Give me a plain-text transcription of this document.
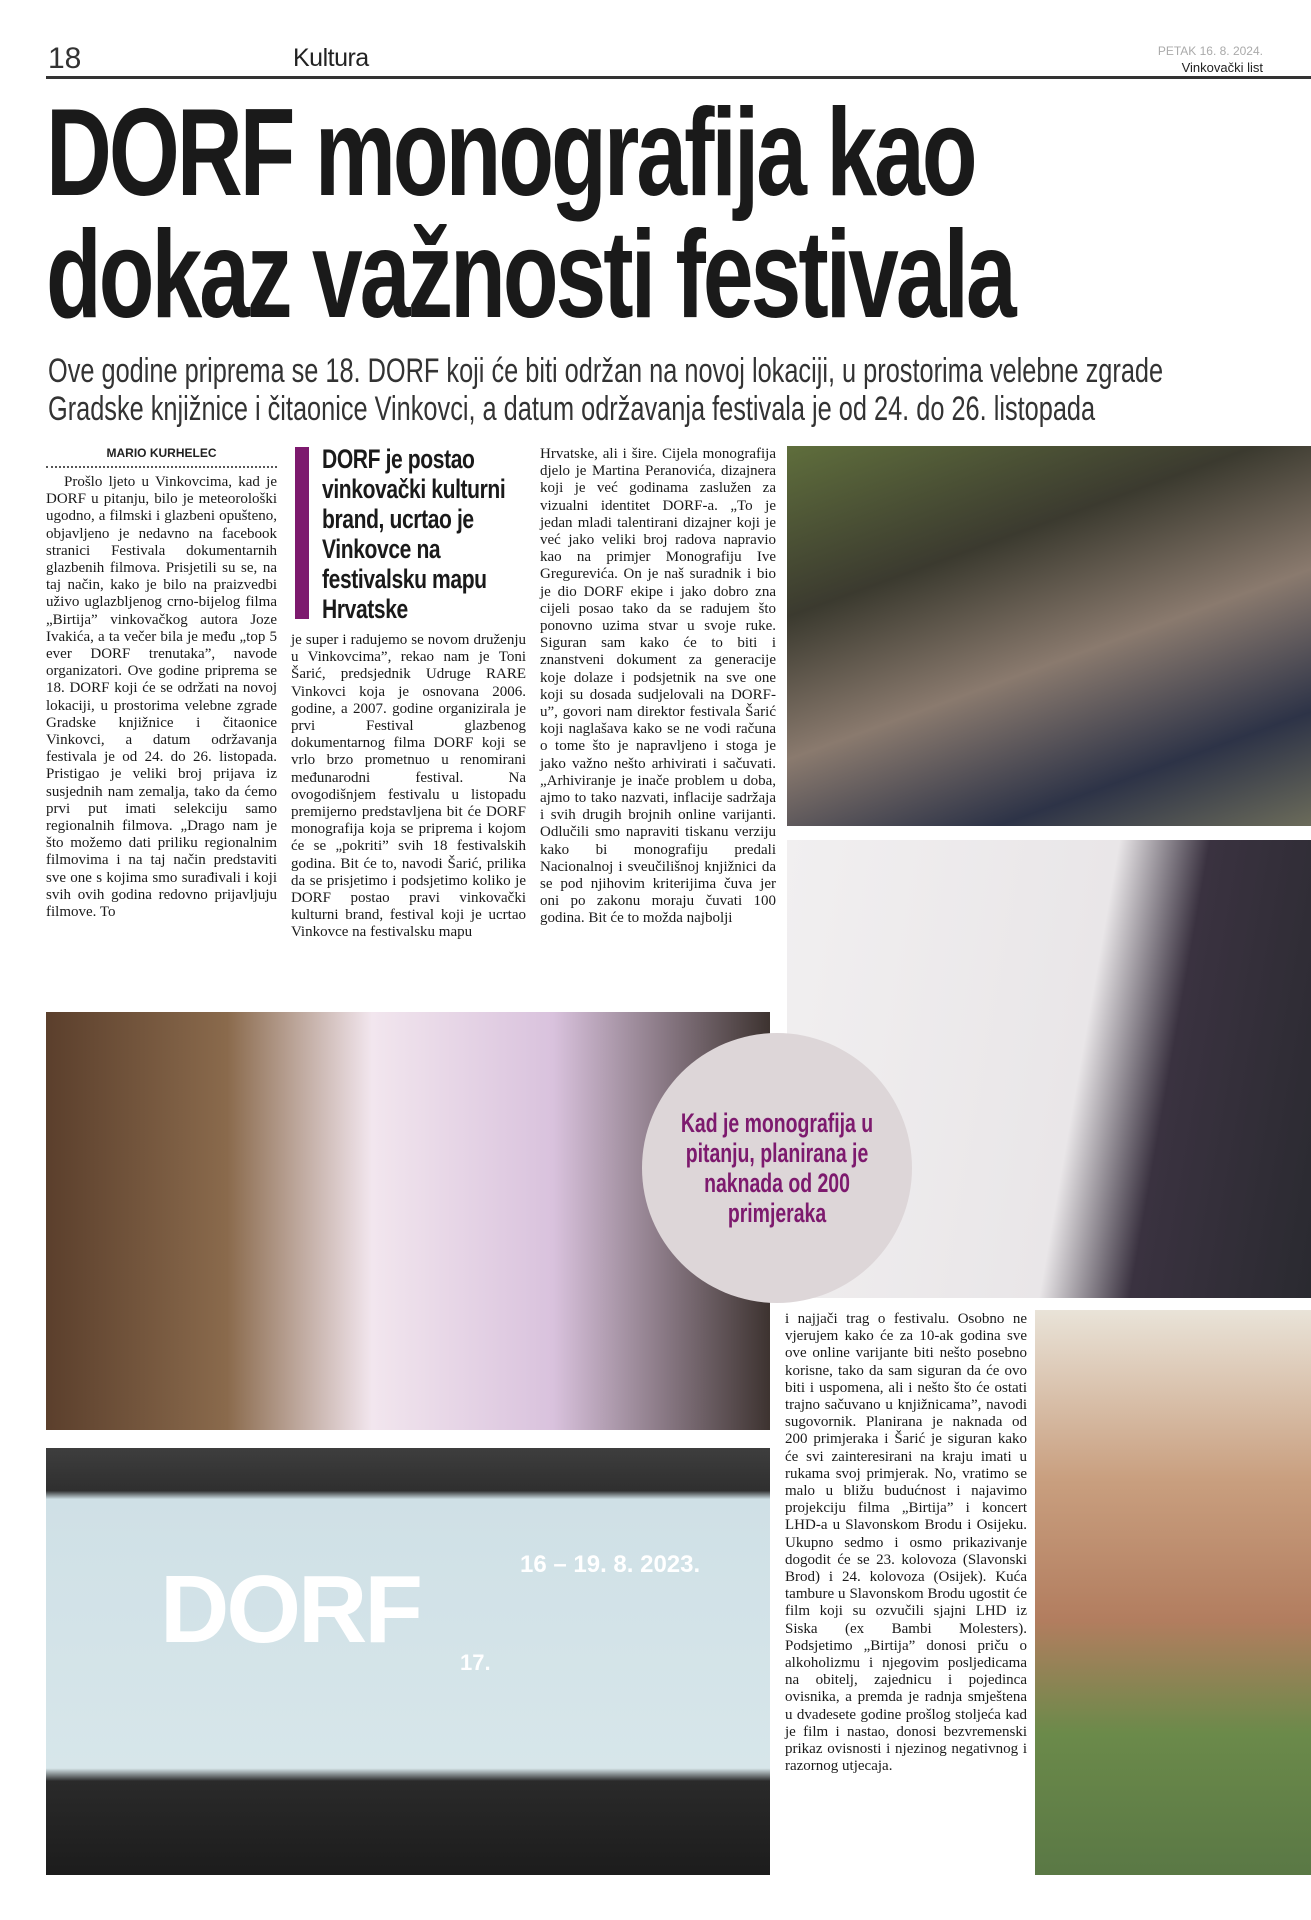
18	Kultura	PETAK 16. 8. 2024.
Vinkovački list
DORF monografija kao
dokaz važnosti festivala
Ove godine priprema se 18. DORF koji će biti održan na novoj lokaciji, u prostorima velebne zgrade
Gradske knjižnice i čitaonice Vinkovci, a datum održavanja festivala je od 24. do 26. listopada
MARIO KURHELEC
Prošlo ljeto u Vinkovcima, kad je DORF u pitanju, bilo je meteorološki ugodno, a filmski i glazbeni opušteno, objavljeno je nedavno na facebook stranici Festivala dokumentarnih glazbenih filmova. Prisjetili su se, na taj način, kako je bilo na praizvedbi uživo uglazbljenog crno-bijelog filma „Birtija” vinkovačkog autora Joze Ivakića, a ta večer bila je među „top 5 ever DORF trenutaka”, navode organizatori. Ove godine priprema se 18. DORF koji će se održati na novoj lokaciji, u prostorima velebne zgrade Gradske knjižnice i čitaonice Vinkovci, a datum održavanja festivala je od 24. do 26. listopada. Pristigao je veliki broj prijava iz susjednih nam zemalja, tako da ćemo prvi put imati selekciju samo regionalnih filmova. „Drago nam je što možemo dati priliku regionalnim filmovima i na taj način predstaviti sve one s kojima smo surađivali i koji svih ovih godina redovno prijavljuju filmove. To
DORF je postao vinkovački kulturni brand, ucrtao je Vinkovce na festivalsku mapu Hrvatske
je super i radujemo se novom druženju u Vinkovcima”, rekao nam je Toni Šarić, predsjednik Udruge RARE Vinkovci koja je osnovana 2006. godine, a 2007. godine organizirala je prvi Festival glazbenog dokumentarnog filma DORF koji se vrlo brzo prometnuo u renomirani međunarodni festival. Na ovogodišnjem festivalu u listopadu premijerno predstavljena bit će DORF monografija koja se priprema i kojom će se „pokriti” svih 18 festivalskih godina. Bit će to, navodi Šarić, prilika da se prisjetimo i podsjetimo koliko je DORF postao pravi vinkovački kulturni brand, festival koji je ucrtao Vinkovce na festivalsku mapu
Hrvatske, ali i šire. Cijela monografija djelo je Martina Peranovića, dizajnera koji je već godinama zaslužen za vizualni identitet DORF-a. „To je jedan mladi talentirani dizajner koji je već jako veliki broj radova napravio kao na primjer Monografiju Ive Gregurevića. On je naš suradnik i bio je dio DORF ekipe i jako dobro zna cijeli posao tako da se radujem što ponovno uzima stvar u svoje ruke. Siguran sam kako će to biti i znanstveni dokument za generacije koje dolaze i podsjetnik na sve one koji su dosada sudjelovali na DORF-u”, govori nam direktor festivala Šarić koji naglašava kako se ne vodi računa o tome što je napravljeno i stoga je jako važno nešto arhivirati i sačuvati. „Arhiviranje je inače problem u doba, ajmo to tako nazvati, inflacije sadržaja i svih drugih brojnih online varijanti. Odlučili smo napraviti tiskanu verziju kako bi monografiju predali Nacionalnoj i sveučilišnoj knjižnici da se pod njihovim kriterijima čuva jer oni po zakonu moraju čuvati 100 godina. Bit će to možda najbolji
DORF 17.
16 – 19. 8. 2023.
Kad je monografija u pitanju, planirana je naknada od 200 primjeraka
i najjači trag o festivalu. Osobno ne vjerujem kako će za 10-ak godina sve ove online varijante biti nešto posebno korisne, tako da sam siguran da će ovo biti i uspomena, ali i nešto što će ostati trajno sačuvano u knjižnicama”, navodi sugovornik. Planirana je naknada od 200 primjeraka i Šarić je siguran kako će svi zainteresirani na kraju imati u rukama svoj primjerak. No, vratimo se malo u bližu budućnost i najavimo projekciju filma „Birtija” i koncert LHD-a u Slavonskom Brodu i Osijeku. Ukupno sedmo i osmo prikazivanje dogodit će se 23. kolovoza (Slavonski Brod) i 24. kolovoza (Osijek). Kuća tambure u Slavonskom Brodu ugostit će film koji su ozvučili sjajni LHD iz Siska (ex Bambi Molesters). Podsjetimo „Birtija” donosi priču o alkoholizmu i njegovim posljedicama na obitelj, zajednicu i pojedinca ovisnika, a premda je radnja smještena u dvadesete godine prošlog stoljeća kad je film i nastao, donosi bezvremenski prikaz ovisnosti i njezinog negativnog i razornog utjecaja.
